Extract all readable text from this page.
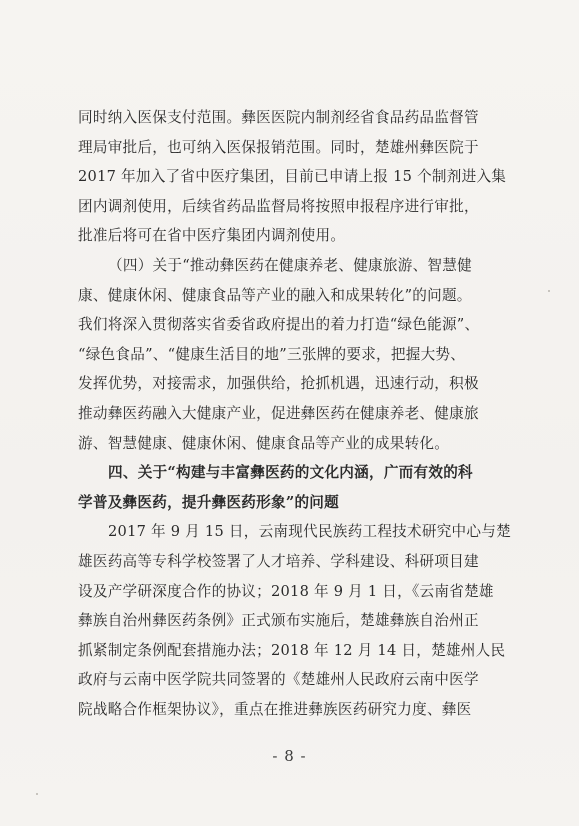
同时纳入医保支付范围。彝医医院内制剂经省食品药品监督管
理局审批后，也可纳入医保报销范围。同时，楚雄州彝医院于
2017 年加入了省中医疗集团，目前已申请上报 15 个制剂进入集
团内调剂使用，后续省药品监督局将按照申报程序进行审批，
批准后将可在省中医疗集团内调剂使用。
（四）关于“推动彝医药在健康养老、健康旅游、智慧健
康、健康休闲、健康食品等产业的融入和成果转化”的问题。
我们将深入贯彻落实省委省政府提出的着力打造“绿色能源”、
“绿色食品”、“健康生活目的地”三张牌的要求，把握大势、
发挥优势，对接需求，加强供给，抢抓机遇，迅速行动，积极
推动彝医药融入大健康产业，促进彝医药在健康养老、健康旅
游、智慧健康、健康休闲、健康食品等产业的成果转化。
四、关于“构建与丰富彝医药的文化内涵，广而有效的科
学普及彝医药，提升彝医药形象”的问题
2017 年 9 月 15 日，云南现代民族药工程技术研究中心与楚
雄医药高等专科学校签署了人才培养、学科建设、科研项目建
设及产学研深度合作的协议；2018 年 9 月 1 日，《云南省楚雄
彝族自治州彝医药条例》正式颁布实施后，楚雄彝族自治州正
抓紧制定条例配套措施办法；2018 年 12 月 14 日，楚雄州人民
政府与云南中医学院共同签署的《楚雄州人民政府云南中医学
院战略合作框架协议》，重点在推进彝族医药研究力度、彝医
- 8 -
